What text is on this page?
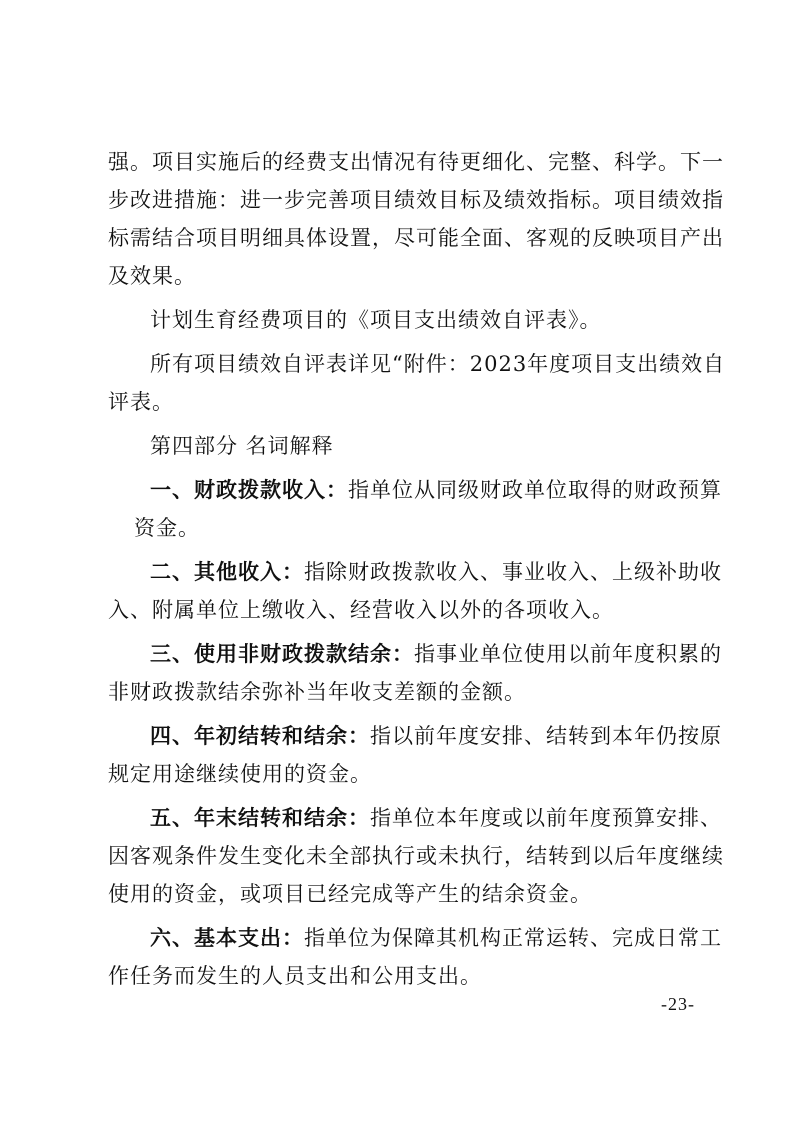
强。项目实施后的经费支出情况有待更细化、完整、科学。下一
步改进措施：进一步完善项目绩效目标及绩效指标。项目绩效指
标需结合项目明细具体设置，尽可能全面、客观的反映项目产出
及效果。
计划生育经费项目的《项目支出绩效自评表》。
所有项目绩效自评表详见“附件：2023年度项目支出绩效自
评表。
第四部分 名词解释
一、财政拨款收入：指单位从同级财政单位取得的财政预算
资金。
二、其他收入：指除财政拨款收入、事业收入、上级补助收
入、附属单位上缴收入、经营收入以外的各项收入。
三、使用非财政拨款结余：指事业单位使用以前年度积累的
非财政拨款结余弥补当年收支差额的金额。
四、年初结转和结余：指以前年度安排、结转到本年仍按原
规定用途继续使用的资金。
五、年末结转和结余：指单位本年度或以前年度预算安排、
因客观条件发生变化未全部执行或未执行，结转到以后年度继续
使用的资金，或项目已经完成等产生的结余资金。
六、基本支出：指单位为保障其机构正常运转、完成日常工
作任务而发生的人员支出和公用支出。
-23-
